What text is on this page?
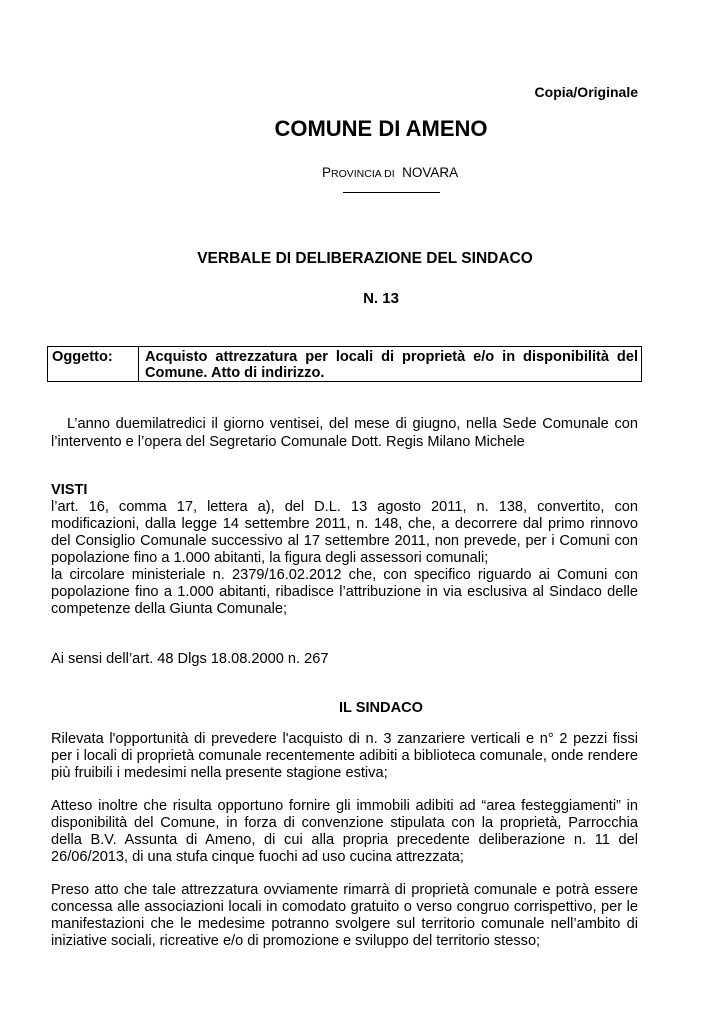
Copia/Originale
COMUNE DI AMENO
PROVINCIA DI NOVARA
VERBALE DI DELIBERAZIONE DEL SINDACO
N. 13
Oggetto: Acquisto attrezzatura per locali di proprietà e/o in disponibilità del
Comune. Atto di indirizzo.
L’anno duemilatredici il giorno ventisei, del mese di giugno, nella Sede Comunale con
l’intervento e l’opera del Segretario Comunale Dott. Regis Milano Michele
VISTI
l’art. 16, comma 17, lettera a), del D.L. 13 agosto 2011, n. 138, convertito, con
modificazioni, dalla legge 14 settembre 2011, n. 148, che, a decorrere dal primo rinnovo
del Consiglio Comunale successivo al 17 settembre 2011, non prevede, per i Comuni con
popolazione fino a 1.000 abitanti, la figura degli assessori comunali;
la circolare ministeriale n. 2379/16.02.2012 che, con specifico riguardo ai Comuni con
popolazione fino a 1.000 abitanti, ribadisce l’attribuzione in via esclusiva al Sindaco delle
competenze della Giunta Comunale;
Ai sensi dell’art. 48 Dlgs 18.08.2000 n. 267
IL SINDACO
Rilevata l'opportunità di prevedere l'acquisto di n. 3 zanzariere verticali e n° 2 pezzi fissi
per i locali di proprietà comunale recentemente adibiti a biblioteca comunale, onde rendere
più fruibili i medesimi nella presente stagione estiva;
Atteso inoltre che risulta opportuno fornire gli immobili adibiti ad “area festeggiamenti” in
disponibilità del Comune, in forza di convenzione stipulata con la proprietà, Parrocchia
della B.V. Assunta di Ameno, di cui alla propria precedente deliberazione n. 11 del
26/06/2013, di una stufa cinque fuochi ad uso cucina attrezzata;
Preso atto che tale attrezzatura ovviamente rimarrà di proprietà comunale e potrà essere
concessa alle associazioni locali in comodato gratuito o verso congruo corrispettivo, per le
manifestazioni che le medesime potranno svolgere sul territorio comunale nell’ambito di
iniziative sociali, ricreative e/o di promozione e sviluppo del territorio stesso;
